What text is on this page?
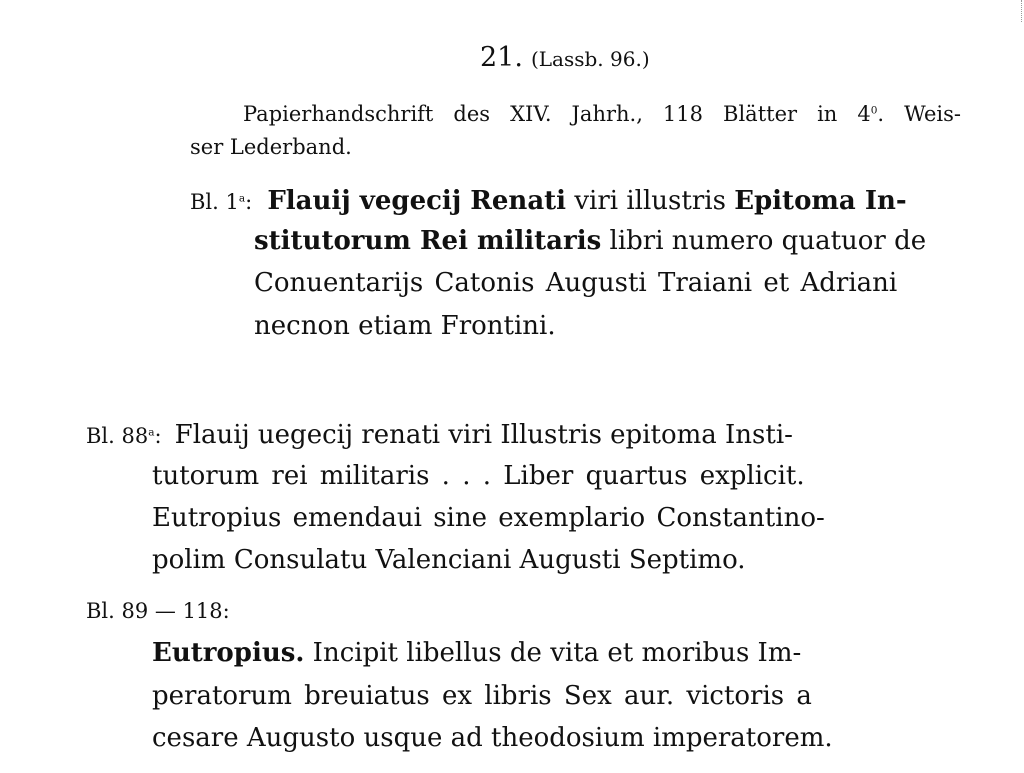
21. (Lassb. 96.)
Papierhandschrift des XIV. Jahrh., 118 Blätter in $4^0$. Weis-
ser Lederband.
Bl. 1$^a$: Flauij vegecij Renati viri illustris Epitoma In-
stitutorum Rei militaris libri numero quatuor de
Conuentarijs Catonis Augusti Traiani et Adriani
necnon etiam Frontini.
Bl. 88$^a$: Flauij uegecij renati viri Illustris epitoma Insti-
tutorum rei militaris . . . Liber quartus explicit.
Eutropius emendaui sine exemplario Constantino-
polim Consulatu Valenciani Augusti Septimo.
Bl. 89 — 118:
Eutropius. Incipit libellus de vita et moribus Im-
peratorum breuiatus ex libris Sex aur. victoris a
cesare Augusto usque ad theodosium imperatorem.
